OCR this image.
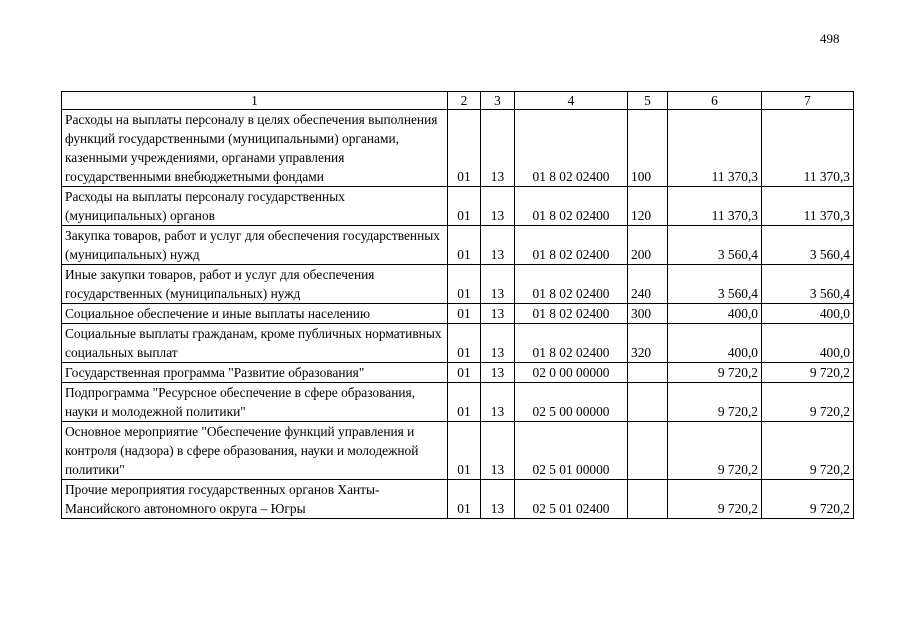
498
1	2	3	4	5	6	7
Расходы на выплаты персоналу в целях обеспечения выполнения функций государственными (муниципальными) органами, казенными учреждениями, органами управления государственными внебюджетными фондами	01	13	01 8 02 02400	100	11 370,3	11 370,3
Расходы на выплаты персоналу государственных (муниципальных) органов	01	13	01 8 02 02400	120	11 370,3	11 370,3
Закупка товаров, работ и услуг для обеспечения государственных (муниципальных) нужд	01	13	01 8 02 02400	200	3 560,4	3 560,4
Иные закупки товаров, работ и услуг для обеспечения государственных (муниципальных) нужд	01	13	01 8 02 02400	240	3 560,4	3 560,4
Социальное обеспечение и иные выплаты населению	01	13	01 8 02 02400	300	400,0	400,0
Социальные выплаты гражданам, кроме публичных нормативных социальных выплат	01	13	01 8 02 02400	320	400,0	400,0
Государственная программа "Развитие образования"	01	13	02 0 00 00000		9 720,2	9 720,2
Подпрограмма "Ресурсное обеспечение в сфере образования, науки и молодежной политики"	01	13	02 5 00 00000		9 720,2	9 720,2
Основное мероприятие "Обеспечение функций управления и контроля (надзора) в сфере образования, науки и молодежной политики"	01	13	02 5 01 00000		9 720,2	9 720,2
Прочие мероприятия государственных органов Ханты-Мансийского автономного округа – Югры	01	13	02 5 01 02400		9 720,2	9 720,2
